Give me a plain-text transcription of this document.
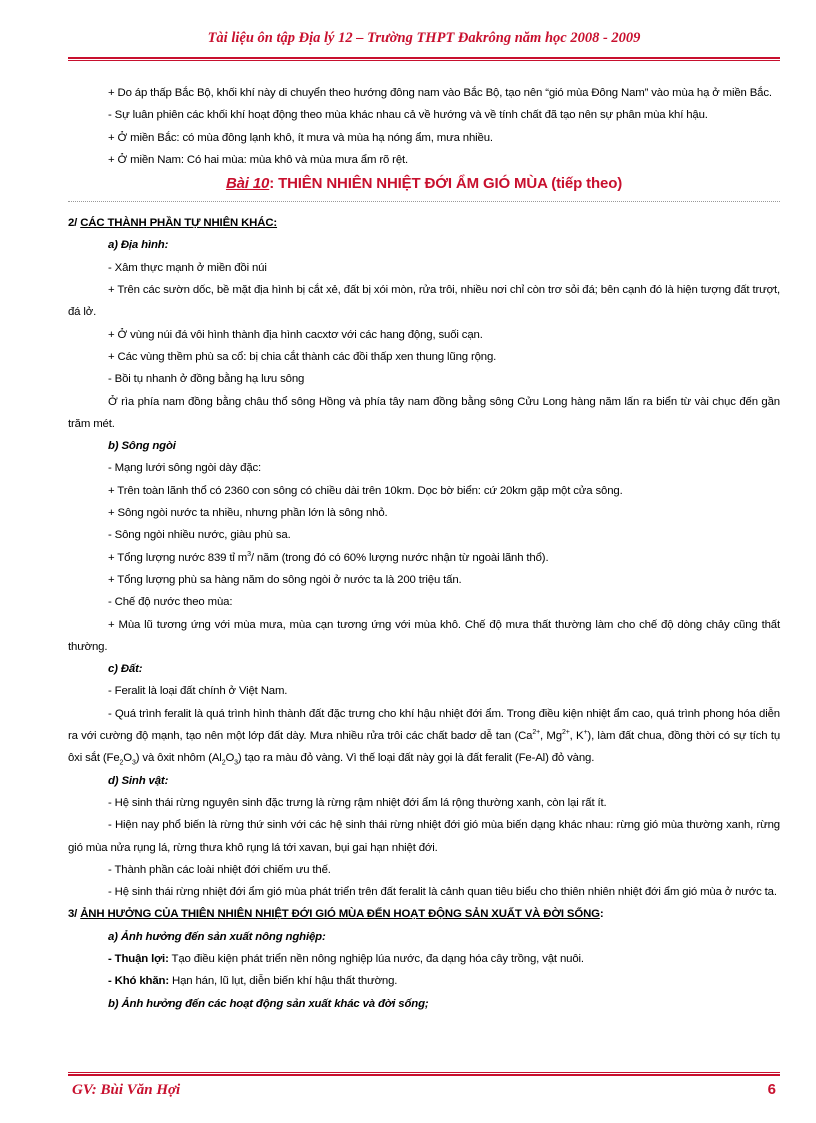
Tài liệu ôn tập Địa lý 12 – Trường THPT Đakrông năm học 2008 - 2009

+ Do áp thấp Bắc Bộ, khối khí này di chuyển theo hướng đông nam vào Bắc Bộ, tạo nên “gió mùa Đông Nam” vào mùa hạ ở miền Bắc.

- Sự luân phiên các khối khí hoạt động theo mùa khác nhau cả về hướng và về tính chất đã tạo nên sự phân mùa khí hậu.

+ Ở miền Bắc: có mùa đông lạnh khô, ít mưa và mùa hạ nóng ẩm, mưa nhiều.

+ Ở miền Nam: Có hai mùa: mùa khô và mùa mưa ẩm rõ rệt.

Bài 10: THIÊN NHIÊN NHIỆT ĐỚI ẨM GIÓ MÙA (tiếp theo)

2/ CÁC THÀNH PHẦN TỰ NHIÊN KHÁC:

a) Địa hình:

- Xâm thực mạnh ở miền đồi núi

+ Trên các sườn dốc, bề mặt địa hình bị cắt xẻ, đất bị xói mòn, rửa trôi, nhiều nơi chỉ còn trơ sỏi đá; bên cạnh đó là hiện tượng đất trượt, đá lở.

+ Ở vùng núi đá vôi hình thành địa hình cacxtơ với các hang động, suối cạn.

+ Các vùng thềm phù sa cổ: bị chia cắt thành các đồi thấp xen thung lũng rộng.

- Bồi tụ nhanh ở đồng bằng hạ lưu sông

Ở rìa phía nam đồng bằng châu thổ sông Hồng và phía tây nam đồng bằng sông Cửu Long hàng năm lấn ra biển từ vài chục đến gần trăm mét.

b) Sông ngòi

- Mạng lưới sông ngòi dày đặc:

+ Trên toàn lãnh thổ có 2360 con sông có chiều dài trên 10km. Dọc bờ biển: cứ 20km gặp một cửa sông.

+ Sông ngòi nước ta nhiều, nhưng phần lớn là sông nhỏ.

- Sông ngòi nhiều nước, giàu phù sa.

+ Tổng lượng nước 839 tỉ $m^3/$ năm (trong đó có 60% lượng nước nhận từ ngoài lãnh thổ).

+ Tổng lượng phù sa hàng năm do sông ngòi ở nước ta là 200 triệu tấn.

- Chế độ nước theo mùa:

+ Mùa lũ tương ứng với mùa mưa, mùa cạn tương ứng với mùa khô. Chế độ mưa thất thường làm cho chế độ dòng chảy cũng thất thường.

c) Đất:

- Feralit là loại đất chính ở Việt Nam.

- Quá trình feralit là quá trình hình thành đất đặc trưng cho khí hậu nhiệt đới ẩm. Trong điều kiện nhiệt ẩm cao, quá trình phong hóa diễn ra với cường độ mạnh, tạo nên một lớp đất dày. Mưa nhiều rửa trôi các chất badơ dễ $\tan (Ca^{2+}$, $Mg^{2+}$, K+), làm đất chua, đồng thời có sự tích tụ ôxi sắt $(Fe_2O_3)$ và ôxit nhôm $(Al_2O_3)$ tạo ra màu đỏ vàng. Vì thế loại đất này gọi là đất feralit (Fe-Al) đỏ vàng.

d) Sinh vật:

- Hệ sinh thái rừng nguyên sinh đặc trưng là rừng rậm nhiệt đới ẩm lá rộng thường xanh, còn lại rất ít.

- Hiện nay phổ biến là rừng thứ sinh với các hệ sinh thái rừng nhiệt đới gió mùa biến dạng khác nhau: rừng gió mùa thường xanh, rừng gió mùa nửa rụng lá, rừng thưa khô rụng lá tới xavan, bụi gai hạn nhiệt đới.

- Thành phần các loài nhiệt đới chiếm ưu thế.

- Hệ sinh thái rừng nhiệt đới ẩm gió mùa phát triển trên đất feralit là cảnh quan tiêu biểu cho thiên nhiên nhiệt đới ẩm gió mùa ở nước ta.

3/ ẢNH HƯỞNG CỦA THIÊN NHIÊN NHIỆT ĐỚI GIÓ MÙA ĐẾN HOẠT ĐỘNG SẢN XUẤT VÀ ĐỜI SỐNG:

a) Ảnh hưởng đến sản xuất nông nghiệp:

- Thuận lợi: Tạo điều kiện phát triển nền nông nghiệp lúa nước, đa dạng hóa cây trồng, vật nuôi.

- Khó khăn: Hạn hán, lũ lụt, diễn biến khí hậu thất thường.

b) Ảnh hưởng đến các hoạt động sản xuất khác và đời sống;

GV: Bùi Văn Hợi	6
